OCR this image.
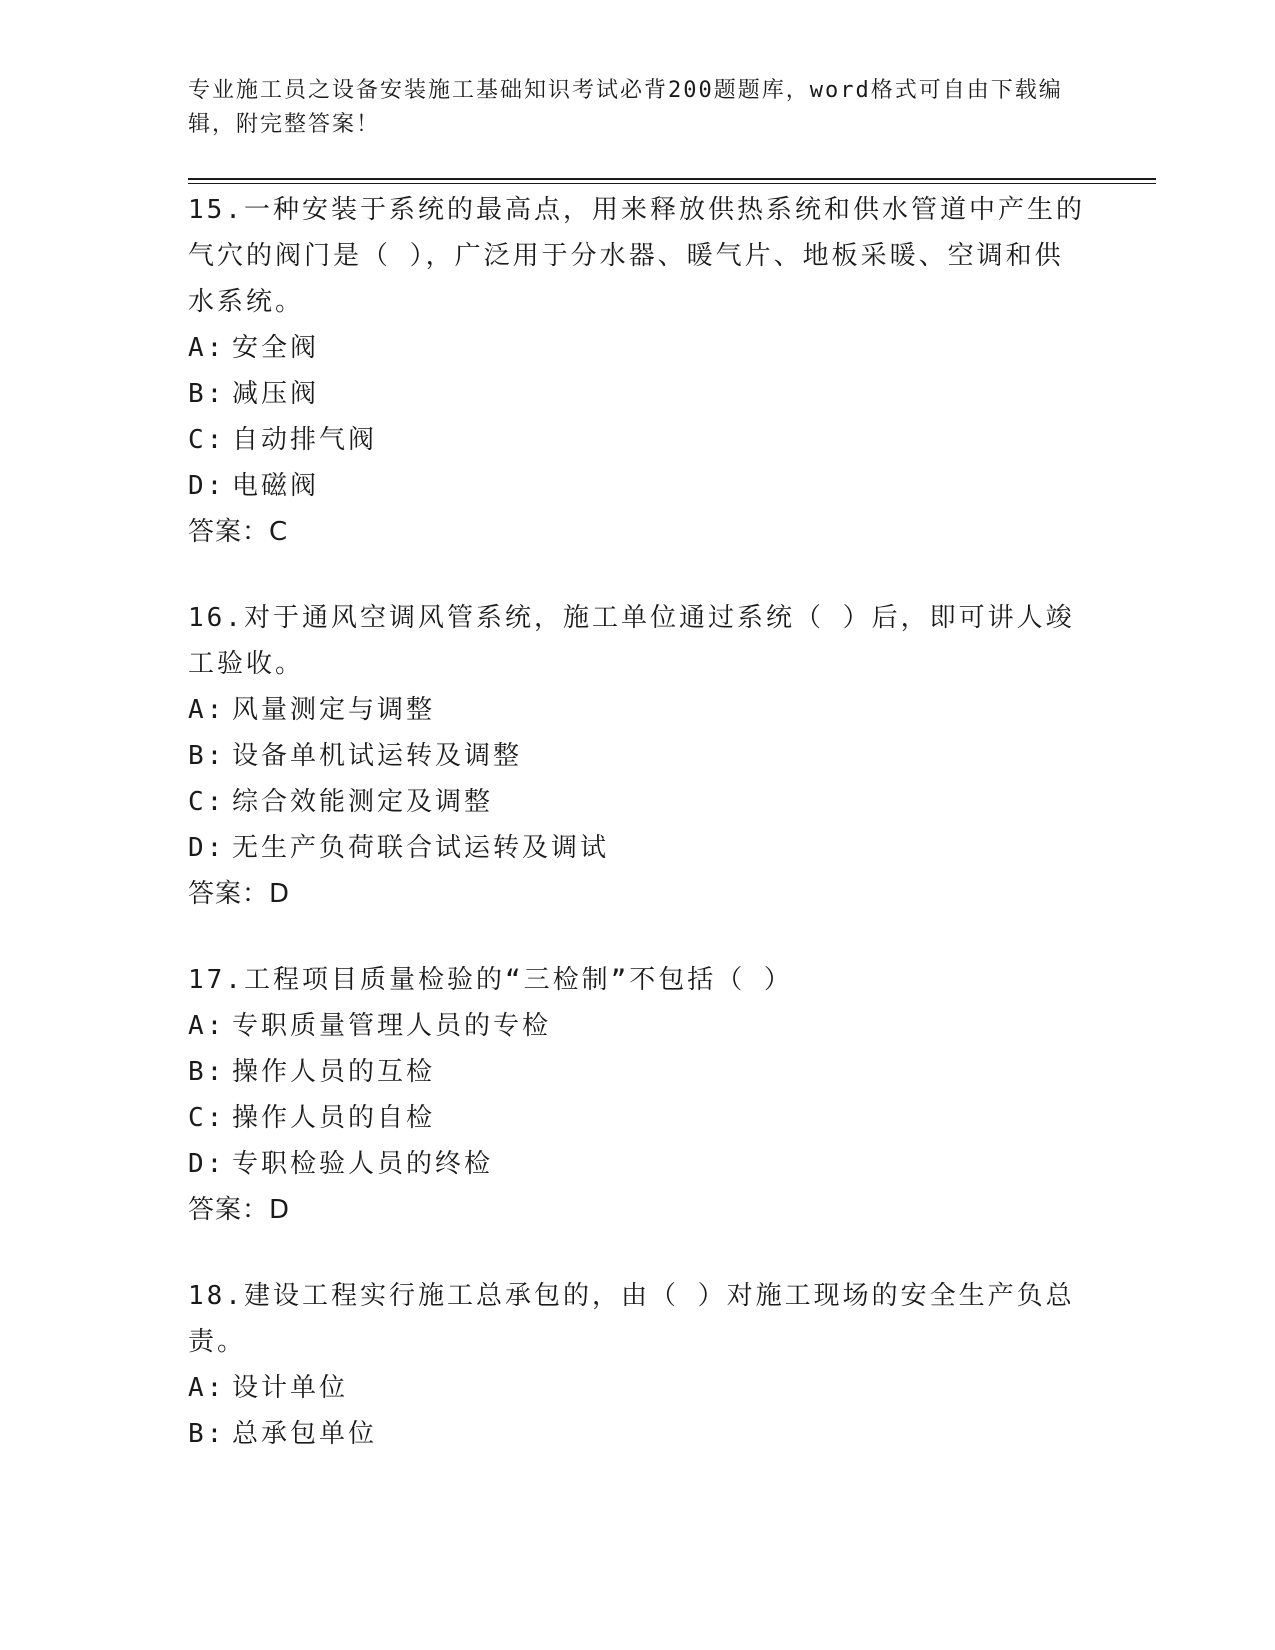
专业施工员之设备安装施工基础知识考试必背200题题库，word格式可自由下载编辑，附完整答案！
15.一种安装于系统的最高点，用来释放供热系统和供水管道中产生的气穴的阀门是（ ），广泛用于分水器、暖气片、地板采暖、空调和供水系统。
A: 安全阀
B: 减压阀
C: 自动排气阀
D: 电磁阀
答案：C
16.对于通风空调风管系统，施工单位通过系统（ ）后，即可讲人竣工验收。
A: 风量测定与调整
B: 设备单机试运转及调整
C: 综合效能测定及调整
D: 无生产负荷联合试运转及调试
答案：D
17.工程项目质量检验的“三检制”不包括（ ）
A: 专职质量管理人员的专检
B: 操作人员的互检
C: 操作人员的自检
D: 专职检验人员的终检
答案：D
18.建设工程实行施工总承包的，由（ ）对施工现场的安全生产负总责。
A: 设计单位
B: 总承包单位
